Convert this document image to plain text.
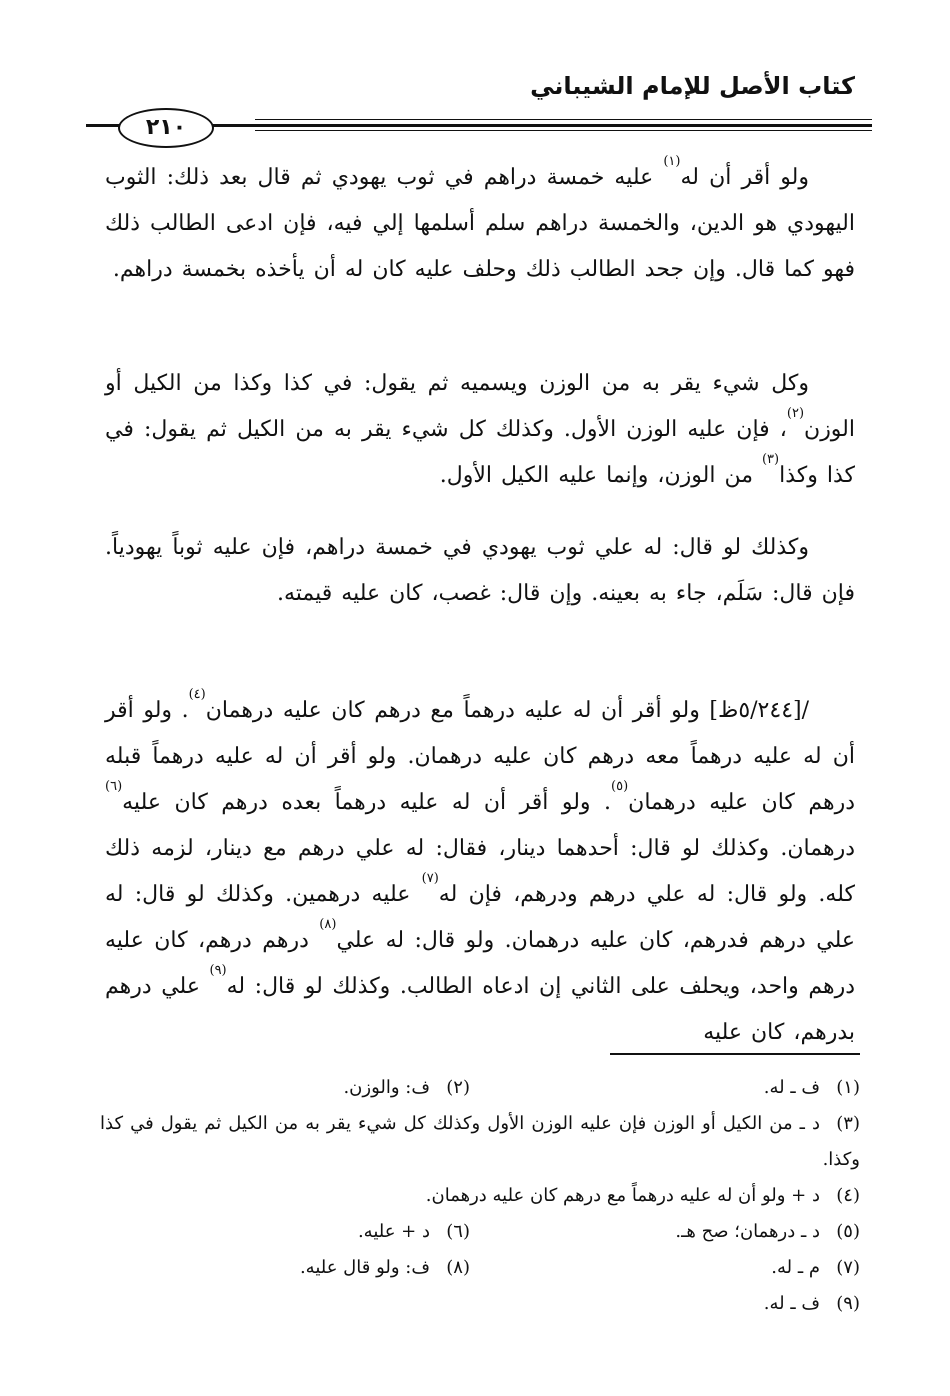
كتاب الأصل للإمام الشيباني
٢١٠
ولو أقر أن له$^{(١)}$ عليه خمسة دراهم في ثوب يهودي ثم قال بعد ذلك: الثوب اليهودي هو الدين، والخمسة دراهم سلم أسلمها إلي فيه، فإن ادعى الطالب ذلك فهو كما قال. وإن جحد الطالب ذلك وحلف عليه كان له أن يأخذه بخمسة دراهم.
وكل شيء يقر به من الوزن ويسميه ثم يقول: في كذا وكذا من الكيل أو الوزن$^{(٢)}$، فإن عليه الوزن الأول. وكذلك كل شيء يقر به من الكيل ثم يقول: في كذا وكذا$^{(٣)}$ من الوزن، وإنما عليه الكيل الأول.
وكذلك لو قال: له علي ثوب يهودي في خمسة دراهم، فإن عليه ثوباً يهودياً. فإن قال: سَلَم، جاء به بعينه. وإن قال: غصب، كان عليه قيمته.
/[٥/٢٤٤ظ] ولو أقر أن له عليه درهماً مع درهم كان عليه درهمان$^{(٤)}$. ولو أقر أن له عليه درهماً معه درهم كان عليه درهمان. ولو أقر أن له عليه درهماً قبله درهم كان عليه درهمان$^{(٥)}$. ولو أقر أن له عليه درهماً بعده درهم كان عليه$^{(٦)}$ درهمان. وكذلك لو قال: أحدهما دينار، فقال: له علي درهم مع دينار، لزمه ذلك كله. ولو قال: له علي درهم ودرهم، فإن له$^{(٧)}$ عليه درهمين. وكذلك لو قال: له علي درهم فدرهم، كان عليه درهمان. ولو قال: له علي$^{(٨)}$ درهم درهم، كان عليه درهم واحد، ويحلف على الثاني إن ادعاه الطالب. وكذلك لو قال: له$^{(٩)}$ علي درهم بدرهم، كان عليه
(١)ف ـ له.
(٢)ف: والوزن.
(٣)د ـ من الكيل أو الوزن فإن عليه الوزن الأول وكذلك كل شيء يقر به من الكيل ثم يقول في كذا وكذا.
(٤)د + ولو أن له عليه درهماً مع درهم كان عليه درهمان.
(٥)د ـ درهمان؛ صح هـ.
(٦)د + عليه.
(٧)م ـ له.
(٨)ف: ولو قال عليه.
(٩)ف ـ له.
